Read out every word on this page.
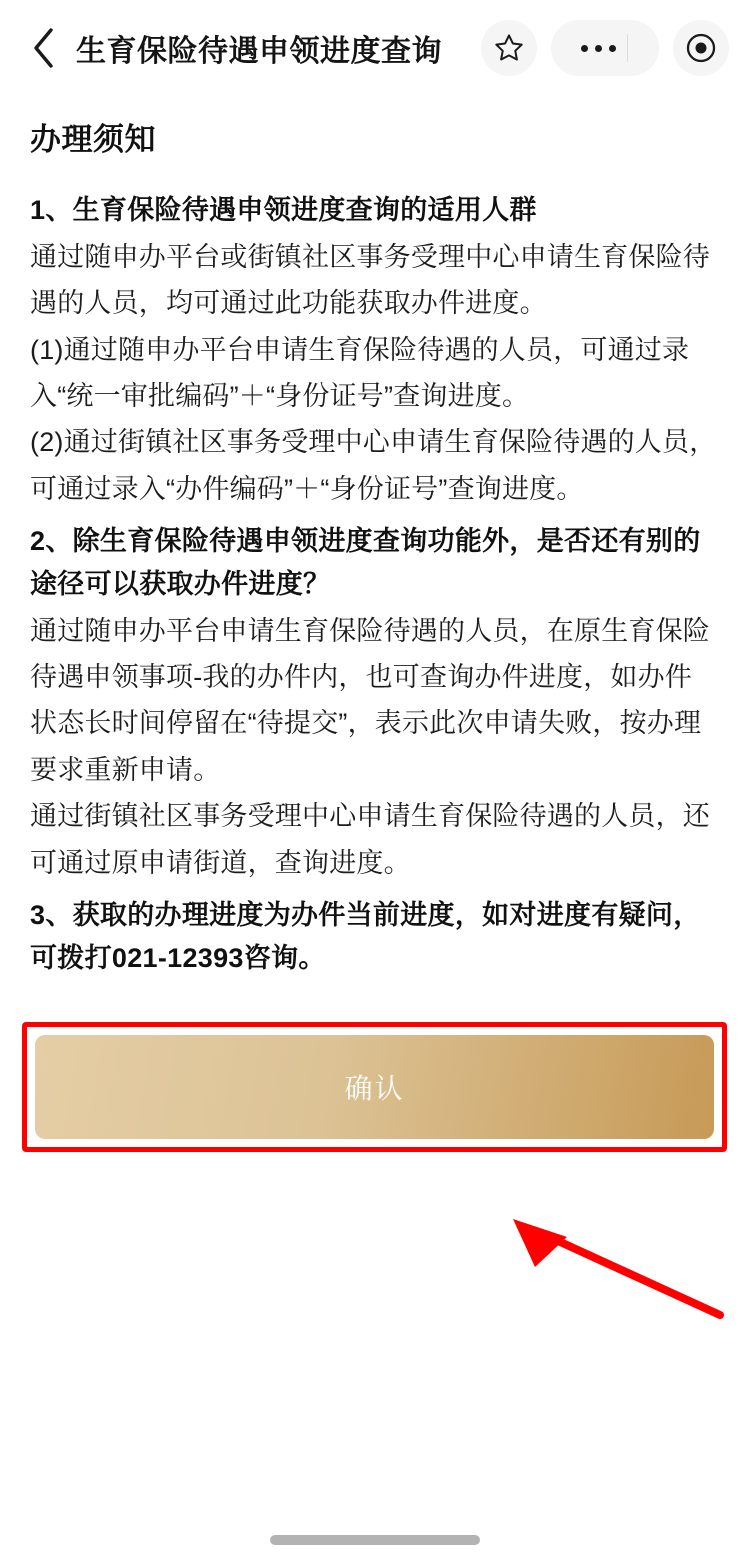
生育保险待遇申领进度查询
办理须知
1、生育保险待遇申领进度查询的适用人群
通过随申办平台或街镇社区事务受理中心申请生育保险待遇的人员，均可通过此功能获取办件进度。
(1)通过随申办平台申请生育保险待遇的人员，可通过录入“统一审批编码”＋“身份证号”查询进度。
(2)通过街镇社区事务受理中心申请生育保险待遇的人员，可通过录入“办件编码”＋“身份证号”查询进度。
2、除生育保险待遇申领进度查询功能外，是否还有别的途径可以获取办件进度？
通过随申办平台申请生育保险待遇的人员，在原生育保险待遇申领事项-我的办件内，也可查询办件进度，如办件状态长时间停留在“待提交”，表示此次申请失败，按办理要求重新申请。
通过街镇社区事务受理中心申请生育保险待遇的人员，还可通过原申请街道，查询进度。
3、获取的办理进度为办件当前进度，如对进度有疑问，可拨打021-12393咨询。
确认
